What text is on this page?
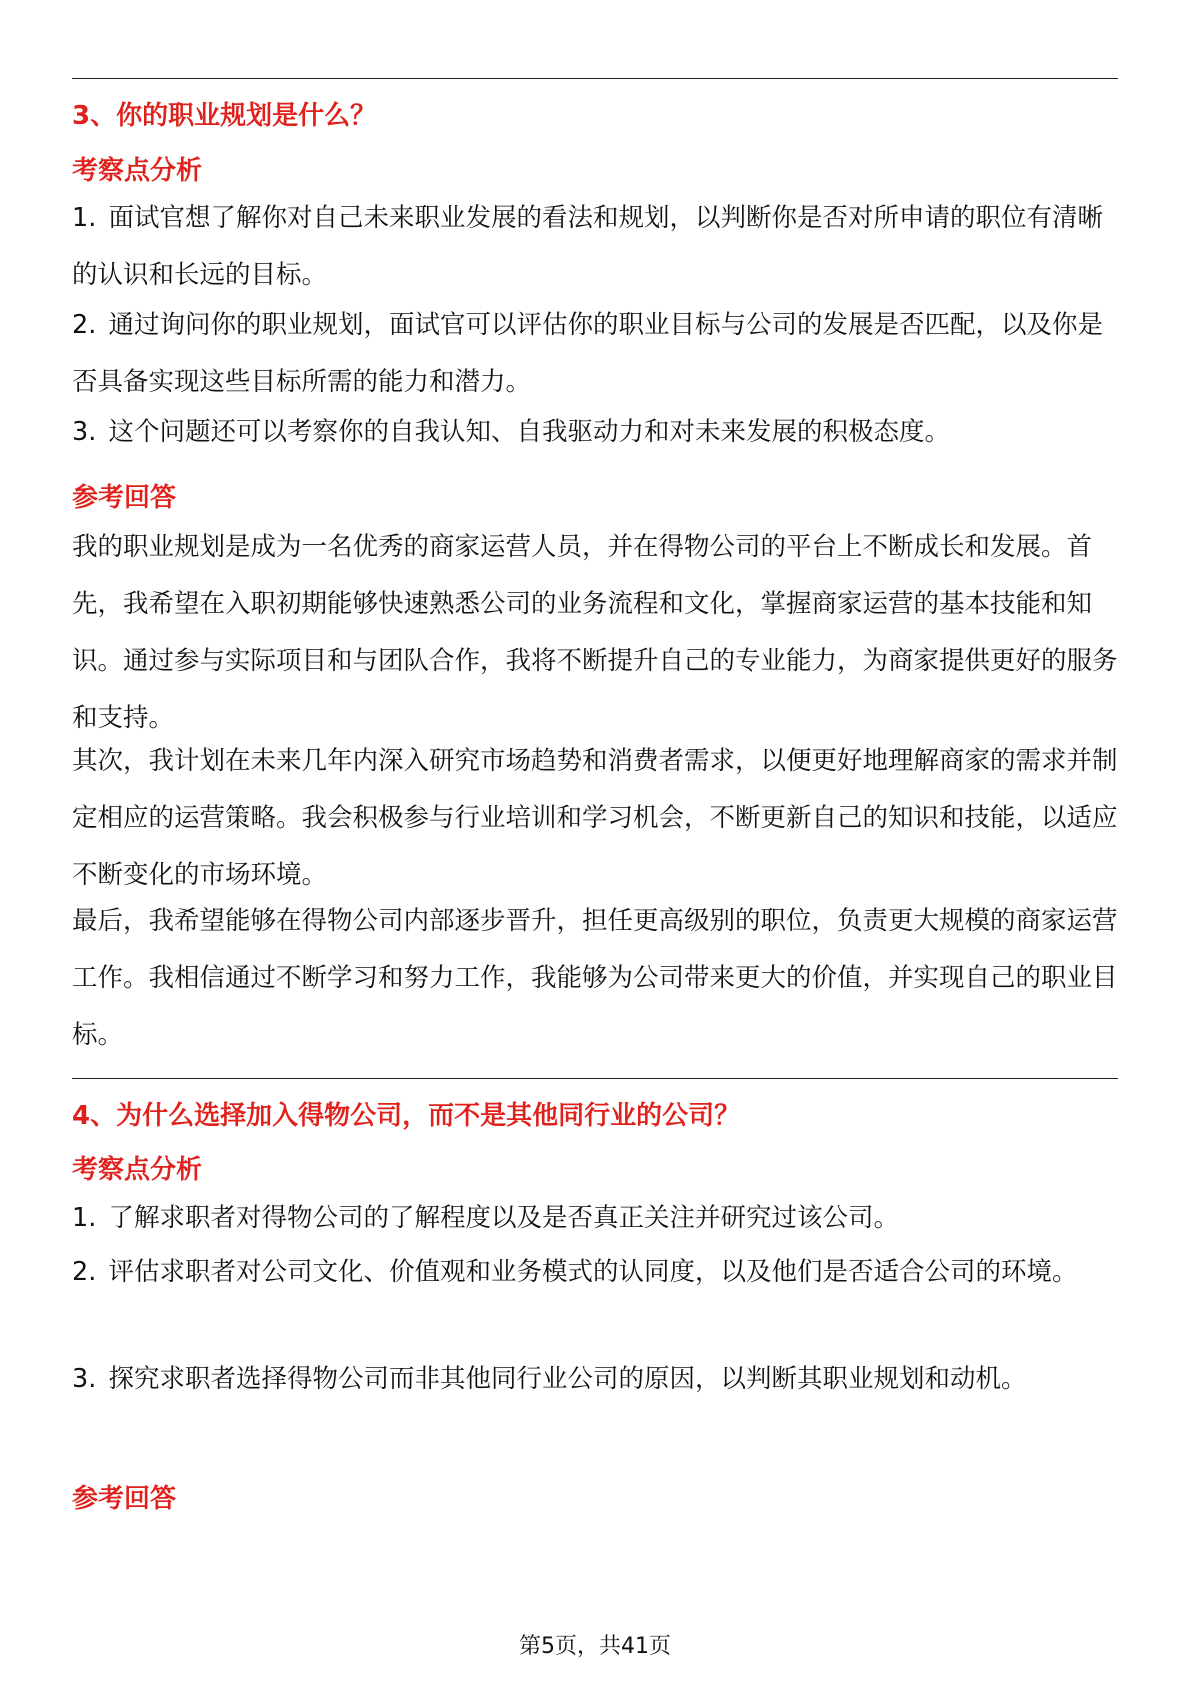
3、你的职业规划是什么？
考察点分析

1. 面试官想了解你对自己未来职业发展的看法和规划，以判断你是否对所申请的职位有清晰的认识和长远的目标。

2. 通过询问你的职业规划，面试官可以评估你的职业目标与公司的发展是否匹配，以及你是否具备实现这些目标所需的能力和潜力。

3. 这个问题还可以考察你的自我认知、自我驱动力和对未来发展的积极态度。

参考回答

我的职业规划是成为一名优秀的商家运营人员，并在得物公司的平台上不断成长和发展。首先，我希望在入职初期能够快速熟悉公司的业务流程和文化，掌握商家运营的基本技能和知识。通过参与实际项目和与团队合作，我将不断提升自己的专业能力，为商家提供更好的服务和支持。

其次，我计划在未来几年内深入研究市场趋势和消费者需求，以便更好地理解商家的需求并制定相应的运营策略。我会积极参与行业培训和学习机会，不断更新自己的知识和技能，以适应不断变化的市场环境。

最后，我希望能够在得物公司内部逐步晋升，担任更高级别的职位，负责更大规模的商家运营工作。我相信通过不断学习和努力工作，我能够为公司带来更大的价值，并实现自己的职业目标。

4、为什么选择加入得物公司，而不是其他同行业的公司？
考察点分析

1. 了解求职者对得物公司的了解程度以及是否真正关注并研究过该公司。

2. 评估求职者对公司文化、价值观和业务模式的认同度，以及他们是否适合公司的环境。

3. 探究求职者选择得物公司而非其他同行业公司的原因，以判断其职业规划和动机。

参考回答
第5页，共41页
